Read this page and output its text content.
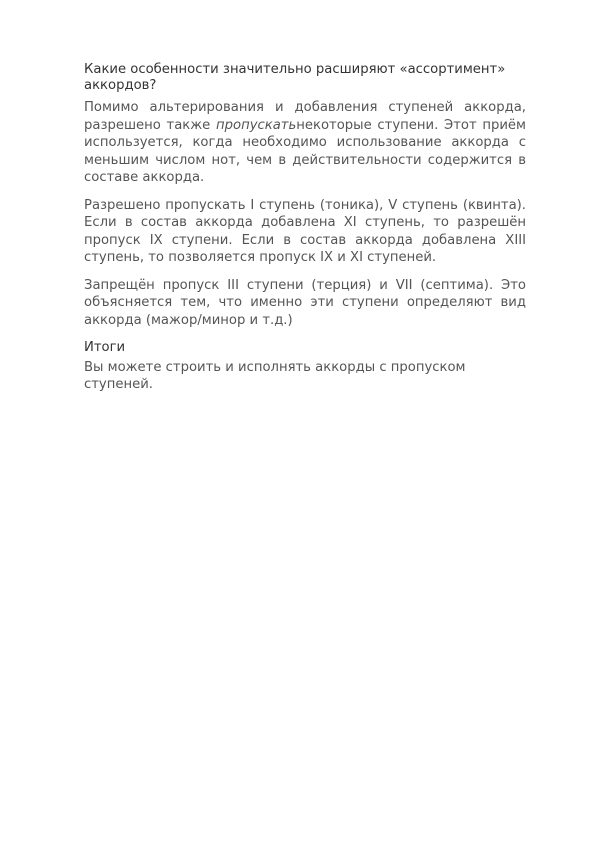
Какие особенности значительно расширяют «ассортимент» аккордов?

Помимо альтерирования и добавления ступеней аккорда, разрешено также пропускатьнекоторые ступени. Этот приём используется, когда необходимо использование аккорда с меньшим числом нот, чем в действительности содержится в составе аккорда.

Разрешено пропускать I ступень (тоника), V ступень (квинта). Если в состав аккорда добавлена XI ступень, то разрешён пропуск IX ступени. Если в состав аккорда добавлена XIII ступень, то позволяется пропуск IX и XI ступеней.

Запрещён пропуск III ступени (терция) и VII (септима). Это объясняется тем, что именно эти ступени определяют вид аккорда (мажор/минор и т.д.)

Итоги

Вы можете строить и исполнять аккорды с пропуском ступеней.
